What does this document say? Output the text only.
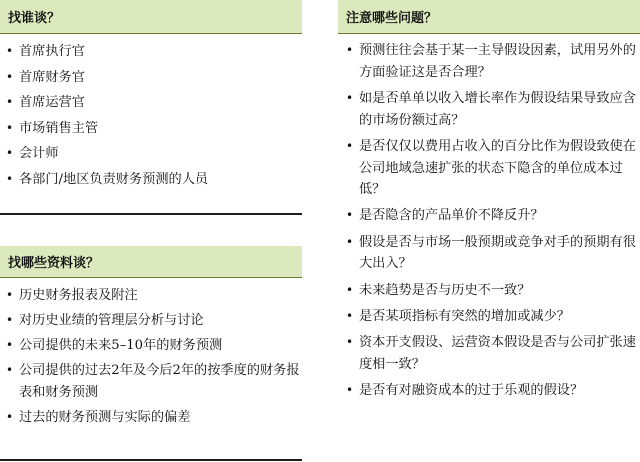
找谁谈？
• 首席执行官
• 首席财务官
• 首席运营官
• 市场销售主管
• 会计师
• 各部门/地区负责财务预测的人员
找哪些资料谈？
• 历史财务报表及附注
• 对历史业绩的管理层分析与讨论
• 公司提供的未来5–10年的财务预测
• 公司提供的过去2年及今后2年的按季度的财务报表和财务预测
• 过去的财务预测与实际的偏差
注意哪些问题？
• 预测往往会基于某一主导假设因素，试用另外的方面验证这是否合理？
• 如是否单单以收入增长率作为假设结果导致应含的市场份额过高？
• 是否仅仅以费用占收入的百分比作为假设致使在公司地域急速扩张的状态下隐含的单位成本过低？
• 是否隐含的产品单价不降反升？
• 假设是否与市场一般预期或竞争对手的预期有很大出入？
• 未来趋势是否与历史不一致？
• 是否某项指标有突然的增加或减少？
• 资本开支假设、运营资本假设是否与公司扩张速度相一致？
• 是否有对融资成本的过于乐观的假设？
